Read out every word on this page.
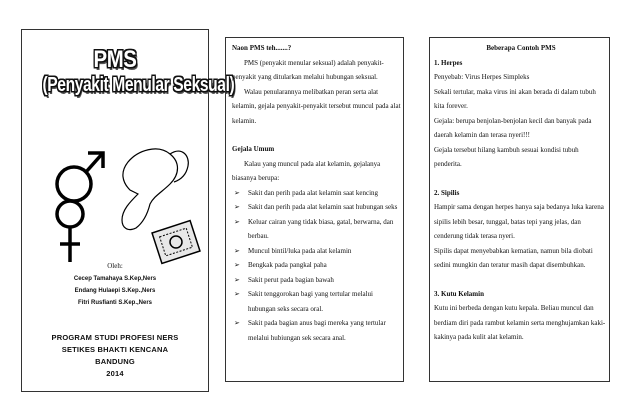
PMS
(Penyakit Menular Seksual)
Oleh:
Cecep Tamahaya S.Kep,Ners
Endang Hulaepi S.Kep.,Ners
Fitri Rusfianti S.Kep.,Ners
PROGRAM STUDI PROFESI NERS
SETIKES BHAKTI KENCANA
BANDUNG
2014
Naon PMS teh.......?
PMS (penyakit menular seksual) adalah penyakit-penyakit yang ditularkan melalui hubungan seksual.
Walau penularannya melibatkan peran serta alat kelamin, gejala penyakit-penyakit tersebut muncul pada alat kelamin.
Gejala Umum
Kalau yang muncul pada alat kelamin, gejalanya biasanya berupa:
➢ Sakit dan perih pada alat kelamin saat kencing
➢ Sakit dan perih pada alat kelamin saat hubungan seks
➢ Keluar cairan yang tidak biasa, gatal, berwarna, dan berbau.
➢ Muncul bintil/luka pada alat kelamin
➢ Bengkak pada pangkal paha
➢ Sakit perut pada bagian bawah
➢ Sakit tenggorokan bagi yang tertular melalui hubungan seks secara oral.
➢ Sakit pada bagian anus bagi mereka yang tertular melalui hubiungan sek secara anal.
Beberapa Contoh PMS
1. Herpes
Penyebab: Virus Herpes Simpleks
Sekali tertular, maka virus ini akan berada di dalam tubuh kita forever.
Gejala: berupa benjolan-benjolan kecil dan banyak pada daerah kelamin dan terasa nyeri!!!
Gejala tersebut hilang kambuh sesuai kondisi tubuh penderita.
2. Sipilis
Hampir sama dengan herpes hanya saja bedanya luka karena sipilis lebih besar, tunggal, batas tepi yang jelas, dan cenderung tidak terasa nyeri.
Sipilis dapat menyebabkan kematian, namun bila diobati sedini mungkin dan teratur masih dapat disembuhkan.
3. Kutu Kelamin
Kutu ini berbeda dengan kutu kepala. Beliau muncul dan berdiam diri pada rambut kelamin serta menghujamkan kaki-kakinya pada kulit alat kelamin.
